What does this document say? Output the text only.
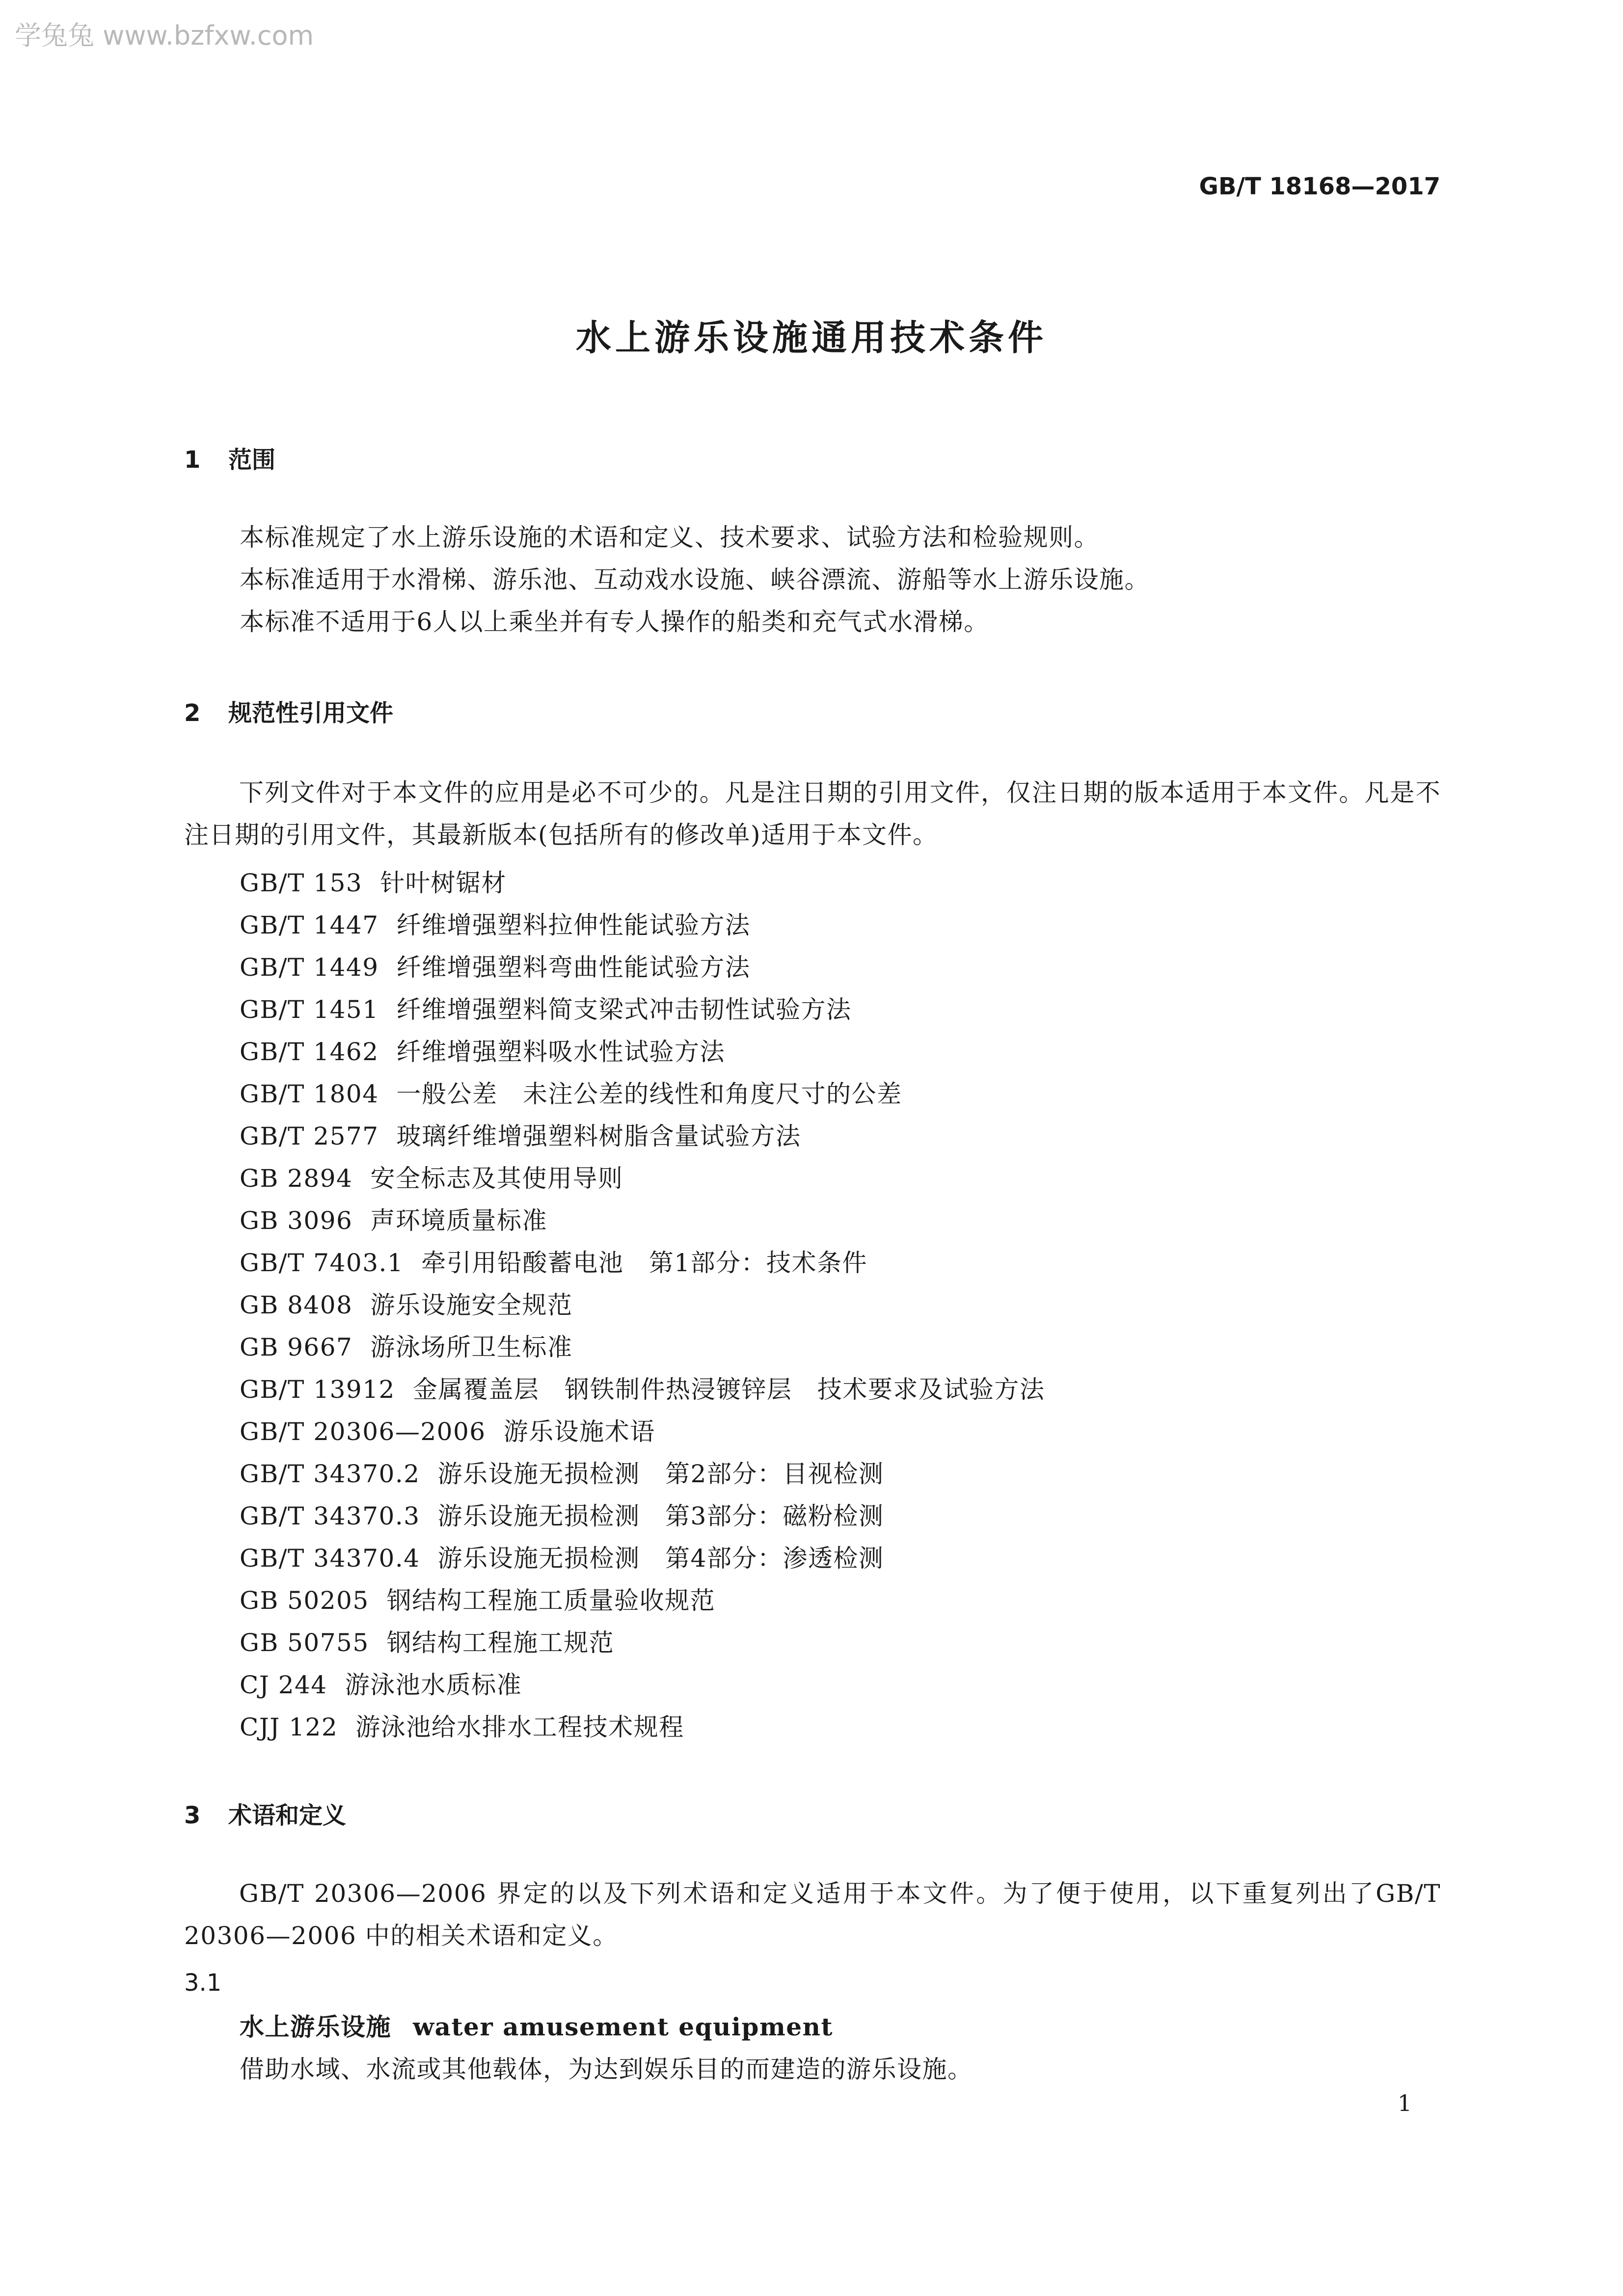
学兔兔 www.bzfxw.com
GB/T 18168—2017
水上游乐设施通用技术条件
1 范围
本标准规定了水上游乐设施的术语和定义、技术要求、试验方法和检验规则。
本标准适用于水滑梯、游乐池、互动戏水设施、峡谷漂流、游船等水上游乐设施。
本标准不适用于6人以上乘坐并有专人操作的船类和充气式水滑梯。
2 规范性引用文件
下列文件对于本文件的应用是必不可少的。凡是注日期的引用文件，仅注日期的版本适用于本文件。凡是不注日期的引用文件，其最新版本(包括所有的修改单)适用于本文件。
GB/T 153 针叶树锯材
GB/T 1447 纤维增强塑料拉伸性能试验方法
GB/T 1449 纤维增强塑料弯曲性能试验方法
GB/T 1451 纤维增强塑料简支梁式冲击韧性试验方法
GB/T 1462 纤维增强塑料吸水性试验方法
GB/T 1804 一般公差　未注公差的线性和角度尺寸的公差
GB/T 2577 玻璃纤维增强塑料树脂含量试验方法
GB 2894 安全标志及其使用导则
GB 3096 声环境质量标准
GB/T 7403.1 牵引用铅酸蓄电池　第1部分：技术条件
GB 8408 游乐设施安全规范
GB 9667 游泳场所卫生标准
GB/T 13912 金属覆盖层　钢铁制件热浸镀锌层　技术要求及试验方法
GB/T 20306—2006 游乐设施术语
GB/T 34370.2 游乐设施无损检测　第2部分：目视检测
GB/T 34370.3 游乐设施无损检测　第3部分：磁粉检测
GB/T 34370.4 游乐设施无损检测　第4部分：渗透检测
GB 50205 钢结构工程施工质量验收规范
GB 50755 钢结构工程施工规范
CJ 244 游泳池水质标准
CJJ 122 游泳池给水排水工程技术规程
3 术语和定义
GB/T 20306—2006 界定的以及下列术语和定义适用于本文件。为了便于使用，以下重复列出了GB/T 20306—2006 中的相关术语和定义。
3.1
水上游乐设施 water amusement equipment
借助水域、水流或其他载体，为达到娱乐目的而建造的游乐设施。
1
